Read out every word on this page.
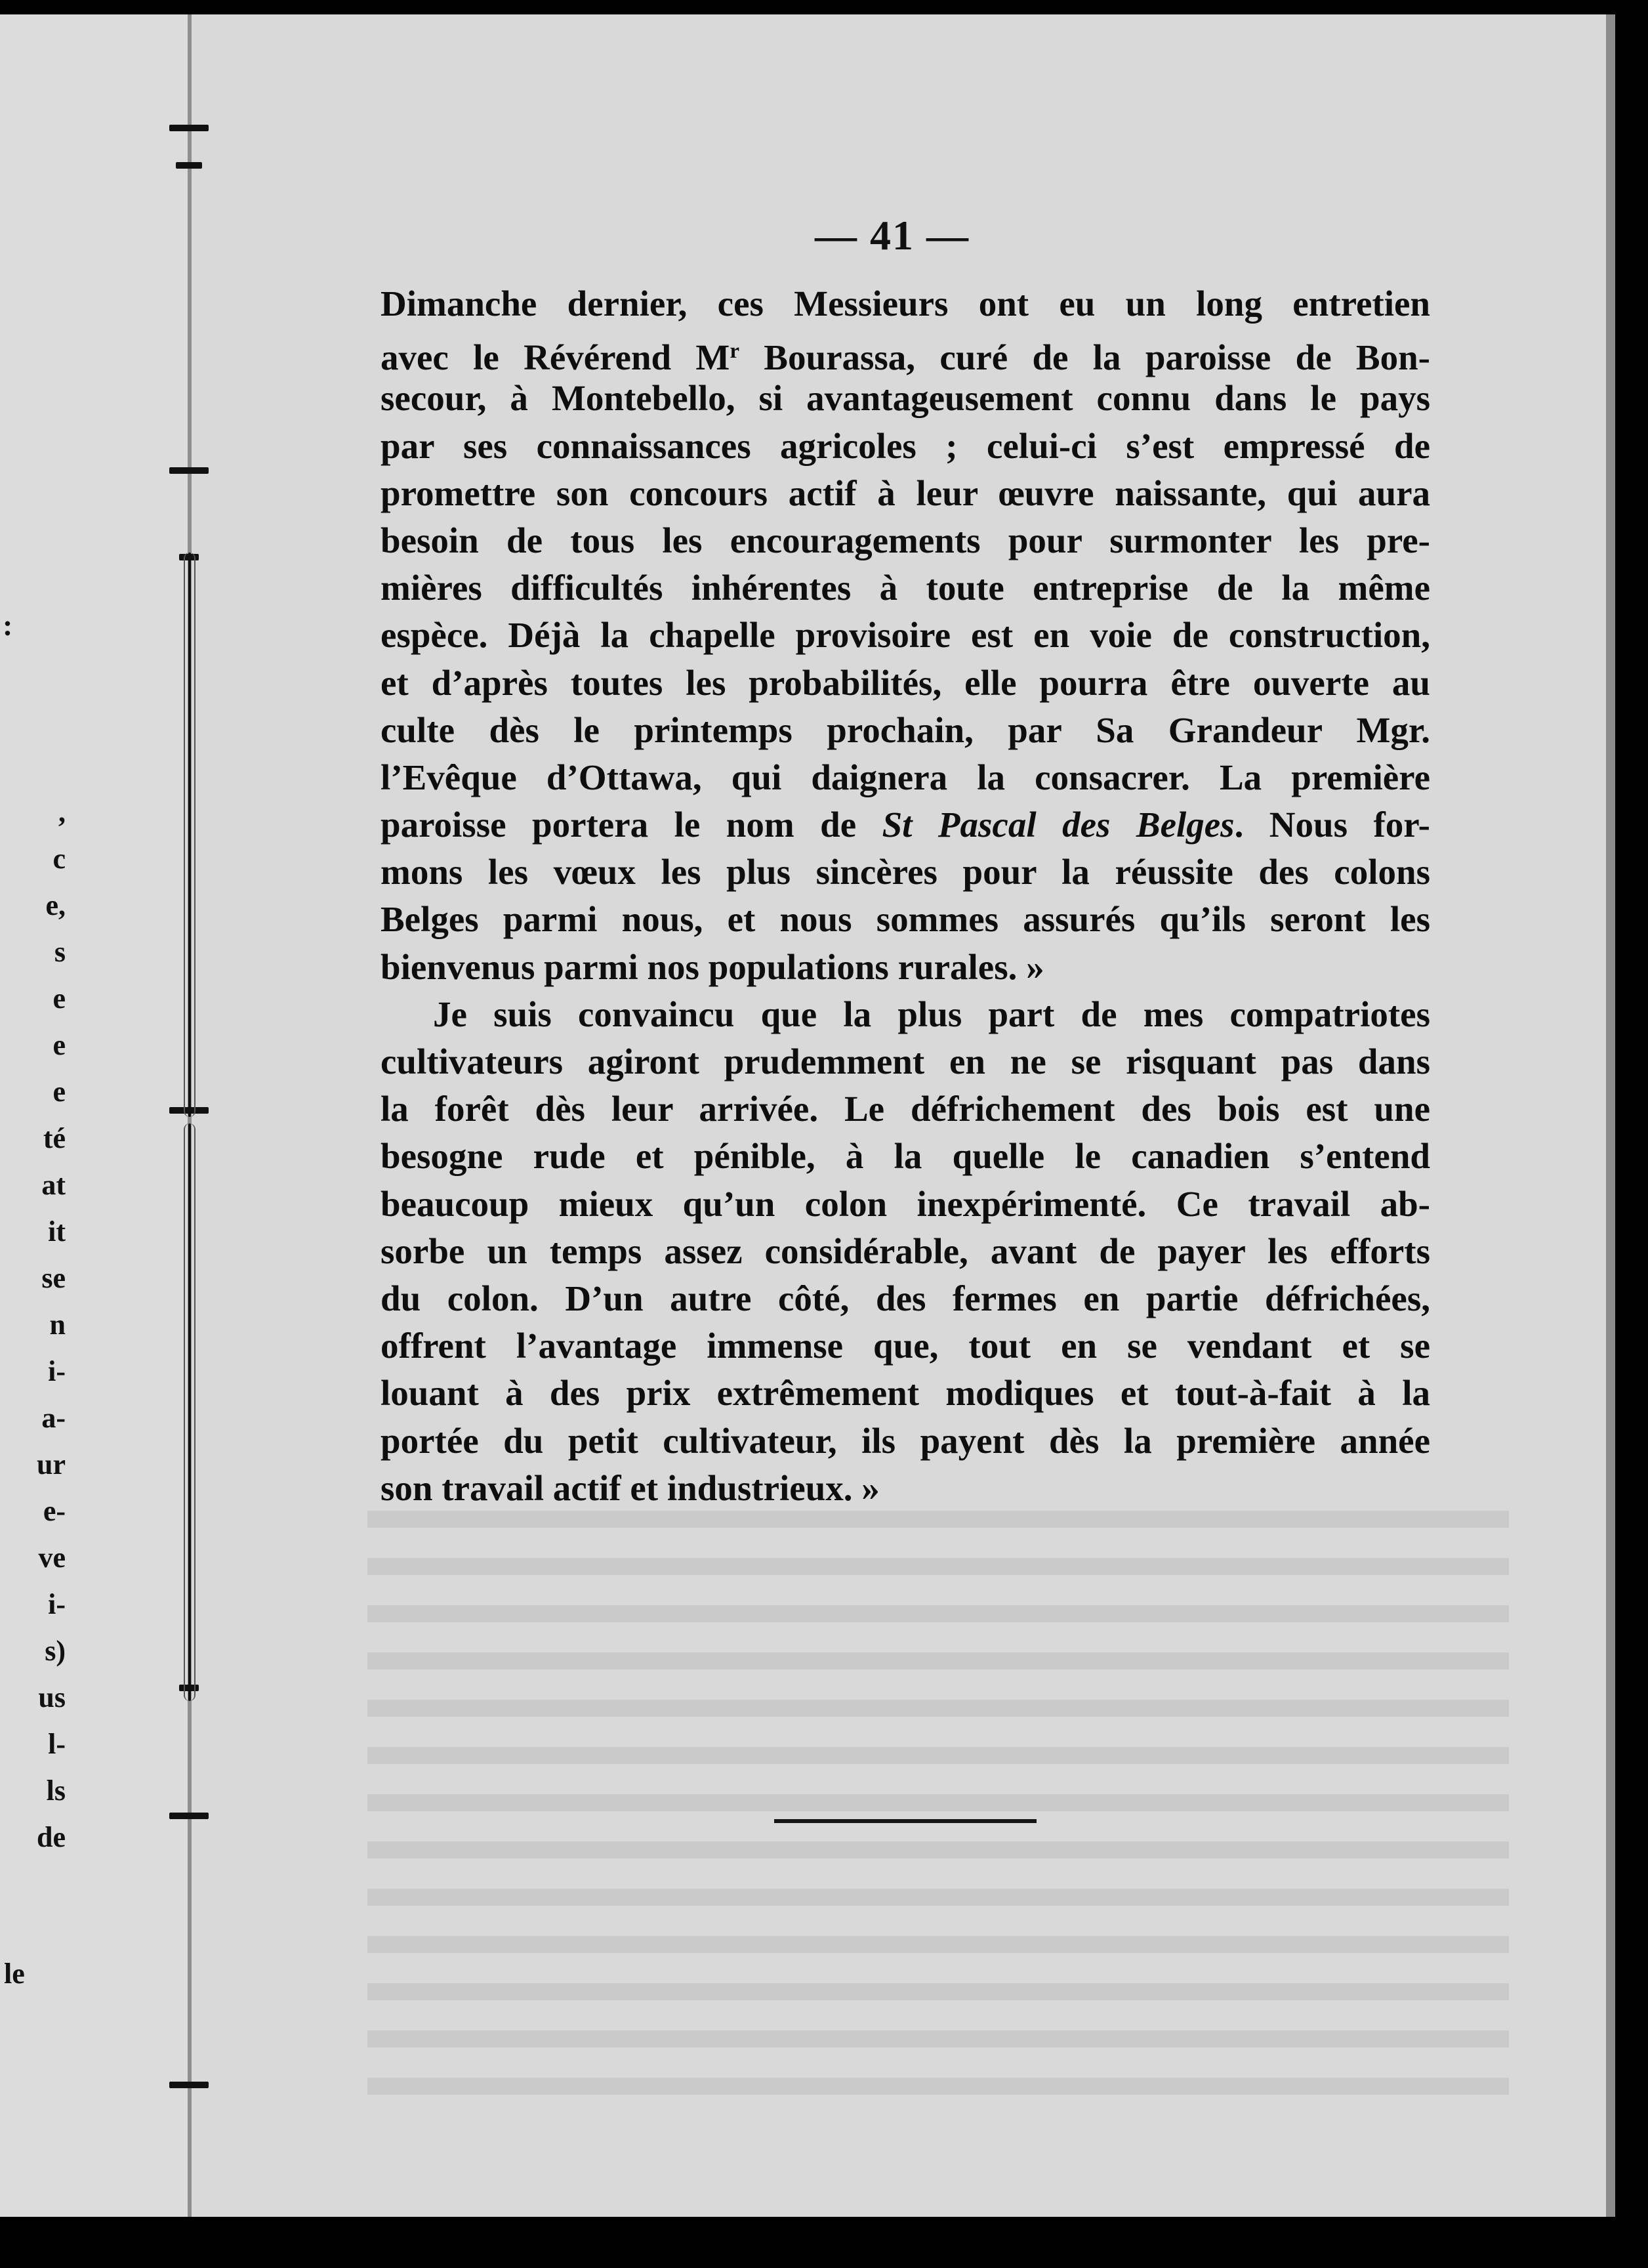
:
,
c
e,
s
e
e
e
té
at
it
se
n
i-
a-
ur
e-
ve
i-
s)
us
l-
ls
de
le
— 41 —
Dimanche dernier, ces Messieurs ont eu un long entretien
avec le Révérend $M^r$ Bourassa, curé de la paroisse de Bon-
secour, à Montebello, si avantageusement connu dans le pays
par ses connaissances agricoles ; celui-ci s’est empressé de
promettre son concours actif à leur œuvre naissante, qui aura
besoin de tous les encouragements pour surmonter les pre-
mières difficultés inhérentes à toute entreprise de la même
espèce. Déjà la chapelle provisoire est en voie de construction,
et d’après toutes les probabilités, elle pourra être ouverte au
culte dès le printemps prochain, par Sa Grandeur Mgr.
l’Evêque d’Ottawa, qui daignera la consacrer. La première
paroisse portera le nom de St Pascal des Belges. Nous for-
mons les vœux les plus sincères pour la réussite des colons
Belges parmi nous, et nous sommes assurés qu’ils seront les
bienvenus parmi nos populations rurales. »
Je suis convaincu que la plus part de mes compatriotes
cultivateurs agiront prudemment en ne se risquant pas dans
la forêt dès leur arrivée. Le défrichement des bois est une
besogne rude et pénible, à la quelle le canadien s’entend
beaucoup mieux qu’un colon inexpérimenté. Ce travail ab-
sorbe un temps assez considérable, avant de payer les efforts
du colon. D’un autre côté, des fermes en partie défrichées,
offrent l’avantage immense que, tout en se vendant et se
louant à des prix extrêmement modiques et tout-à-fait à la
portée du petit cultivateur, ils payent dès la première année
son travail actif et industrieux. »
